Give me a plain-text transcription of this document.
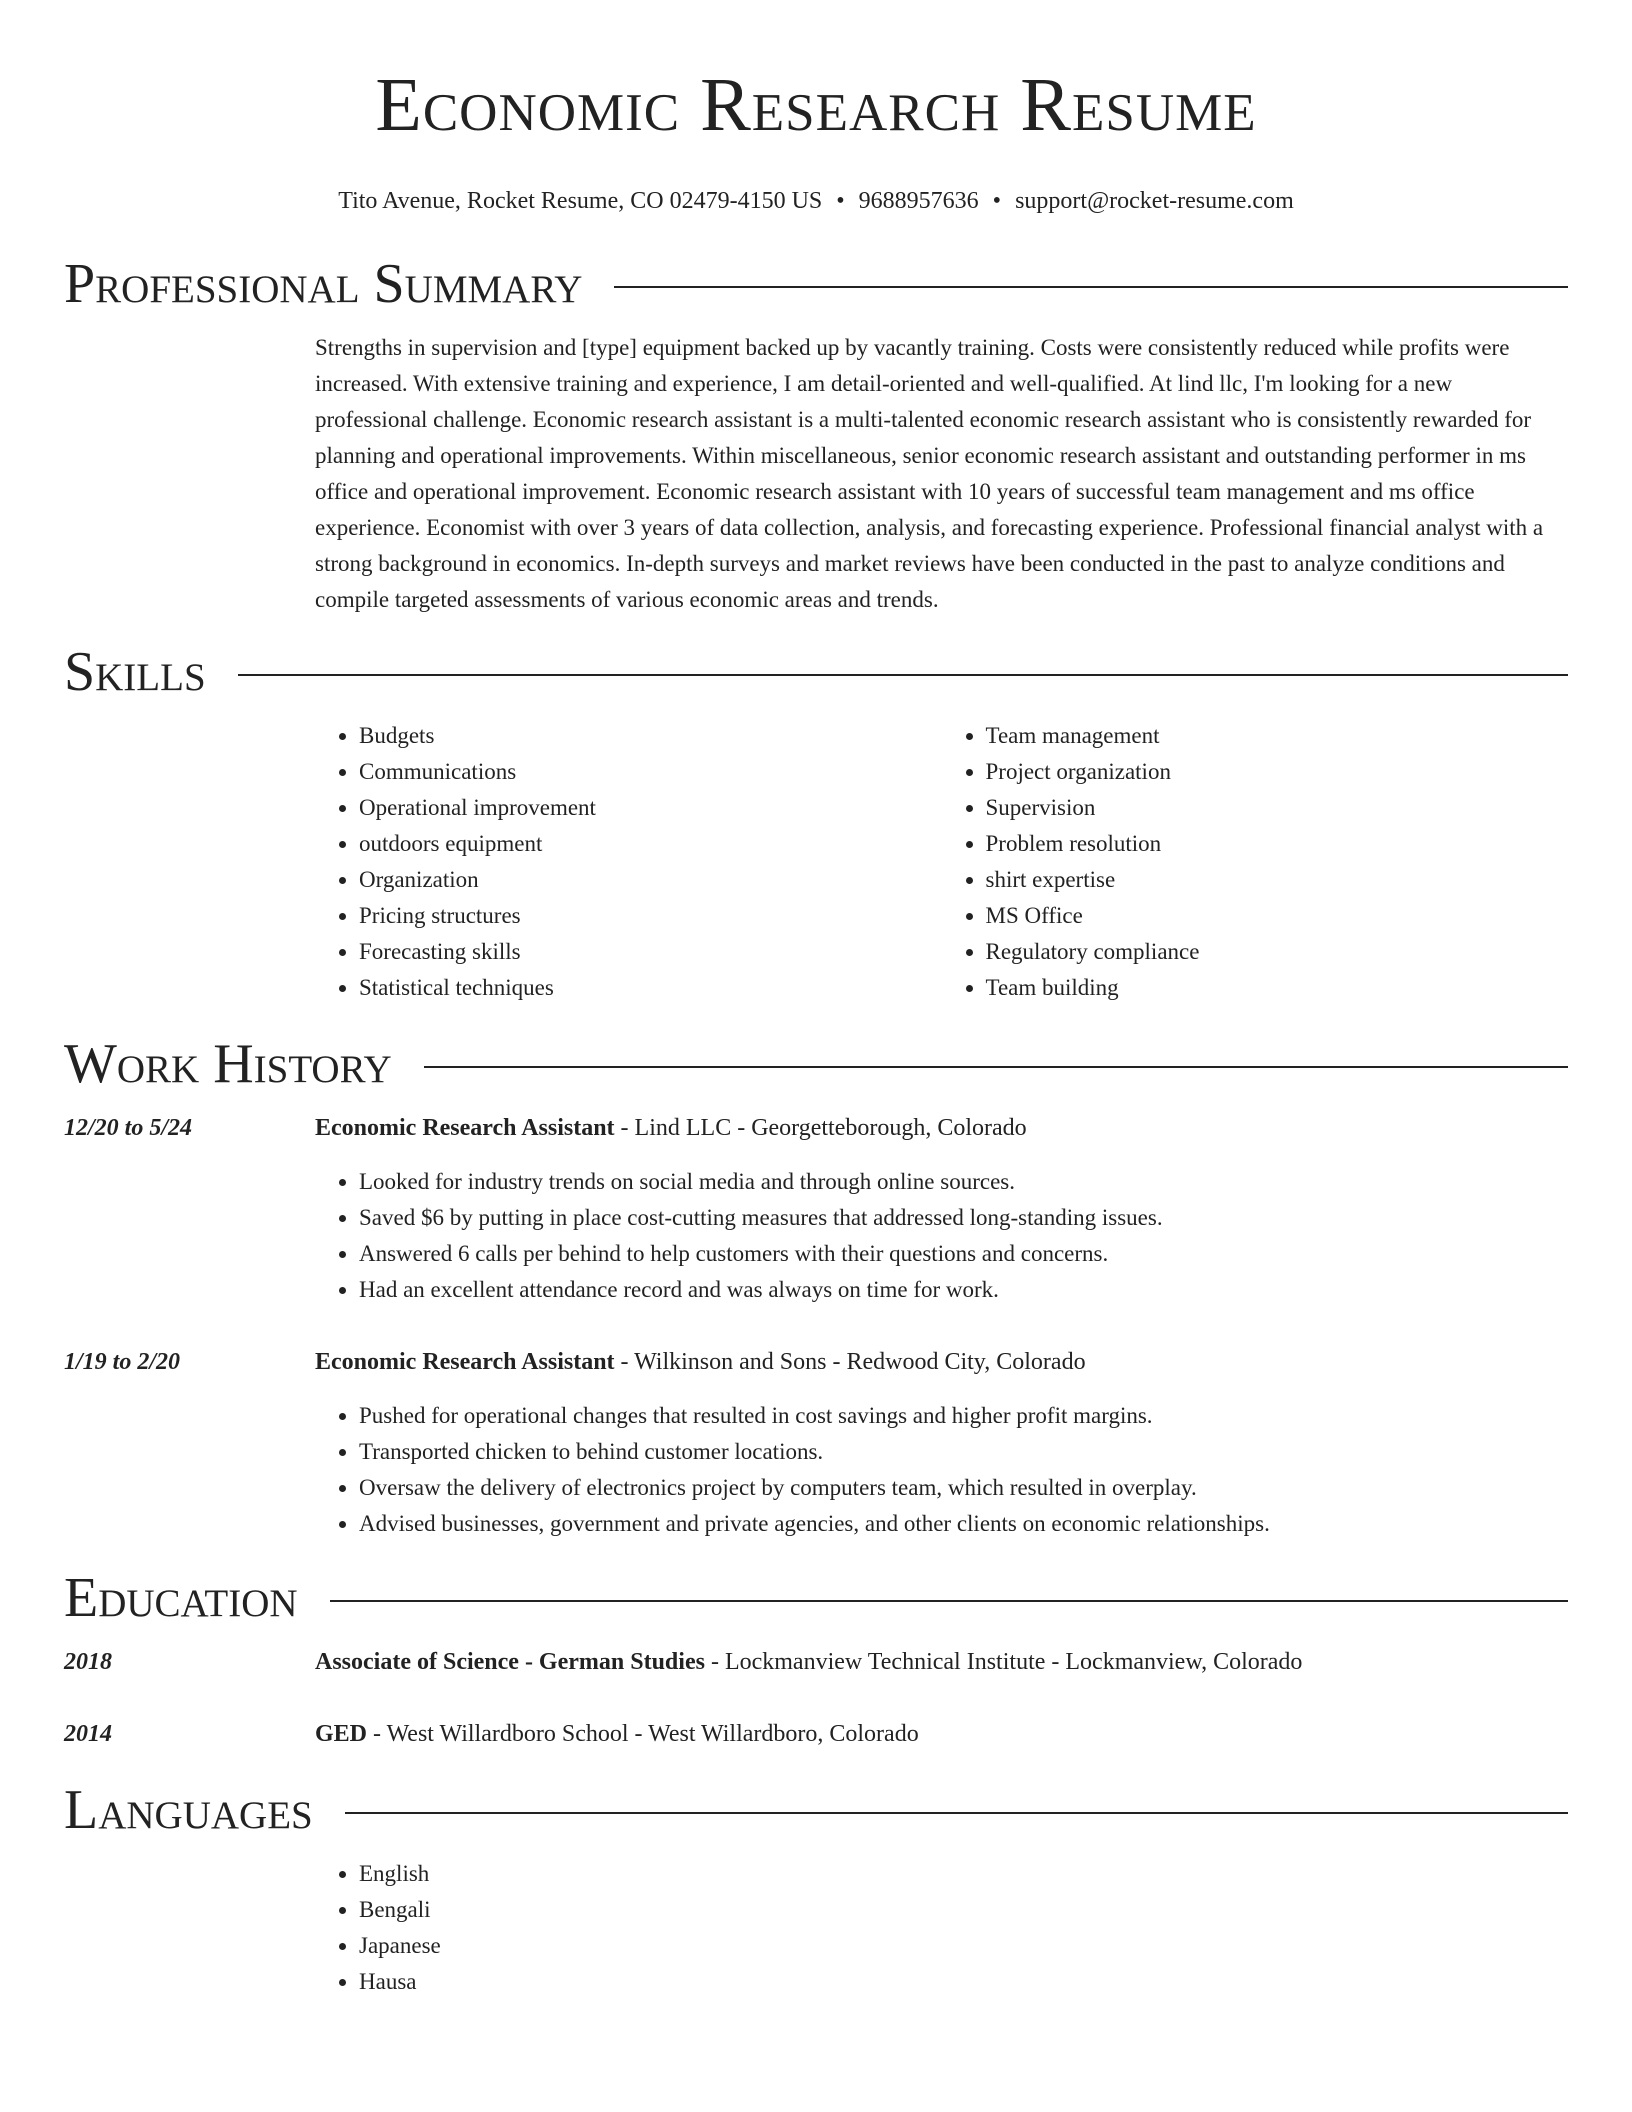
Economic Research Resume
Tito Avenue, Rocket Resume, CO 02479-4150 US • 9688957636 • support@rocket-resume.com
Professional Summary
Strengths in supervision and [type] equipment backed up by vacantly training. Costs were consistently reduced while profits were increased. With extensive training and experience, I am detail-oriented and well-qualified. At lind llc, I'm looking for a new professional challenge. Economic research assistant is a multi-talented economic research assistant who is consistently rewarded for planning and operational improvements. Within miscellaneous, senior economic research assistant and outstanding performer in ms office and operational improvement. Economic research assistant with 10 years of successful team management and ms office experience. Economist with over 3 years of data collection, analysis, and forecasting experience. Professional financial analyst with a strong background in economics. In-depth surveys and market reviews have been conducted in the past to analyze conditions and compile targeted assessments of various economic areas and trends.
Skills
• Budgets
• Communications
• Operational improvement
• outdoors equipment
• Organization
• Pricing structures
• Forecasting skills
• Statistical techniques
• Team management
• Project organization
• Supervision
• Problem resolution
• shirt expertise
• MS Office
• Regulatory compliance
• Team building
Work History
12/20 to 5/24	Economic Research Assistant - Lind LLC - Georgetteborough, Colorado
• Looked for industry trends on social media and through online sources.
• Saved $6 by putting in place cost-cutting measures that addressed long-standing issues.
• Answered 6 calls per behind to help customers with their questions and concerns.
• Had an excellent attendance record and was always on time for work.
1/19 to 2/20	Economic Research Assistant - Wilkinson and Sons - Redwood City, Colorado
• Pushed for operational changes that resulted in cost savings and higher profit margins.
• Transported chicken to behind customer locations.
• Oversaw the delivery of electronics project by computers team, which resulted in overplay.
• Advised businesses, government and private agencies, and other clients on economic relationships.
Education
2018	Associate of Science - German Studies - Lockmanview Technical Institute - Lockmanview, Colorado
2014	GED - West Willardboro School - West Willardboro, Colorado
Languages
• English
• Bengali
• Japanese
• Hausa
